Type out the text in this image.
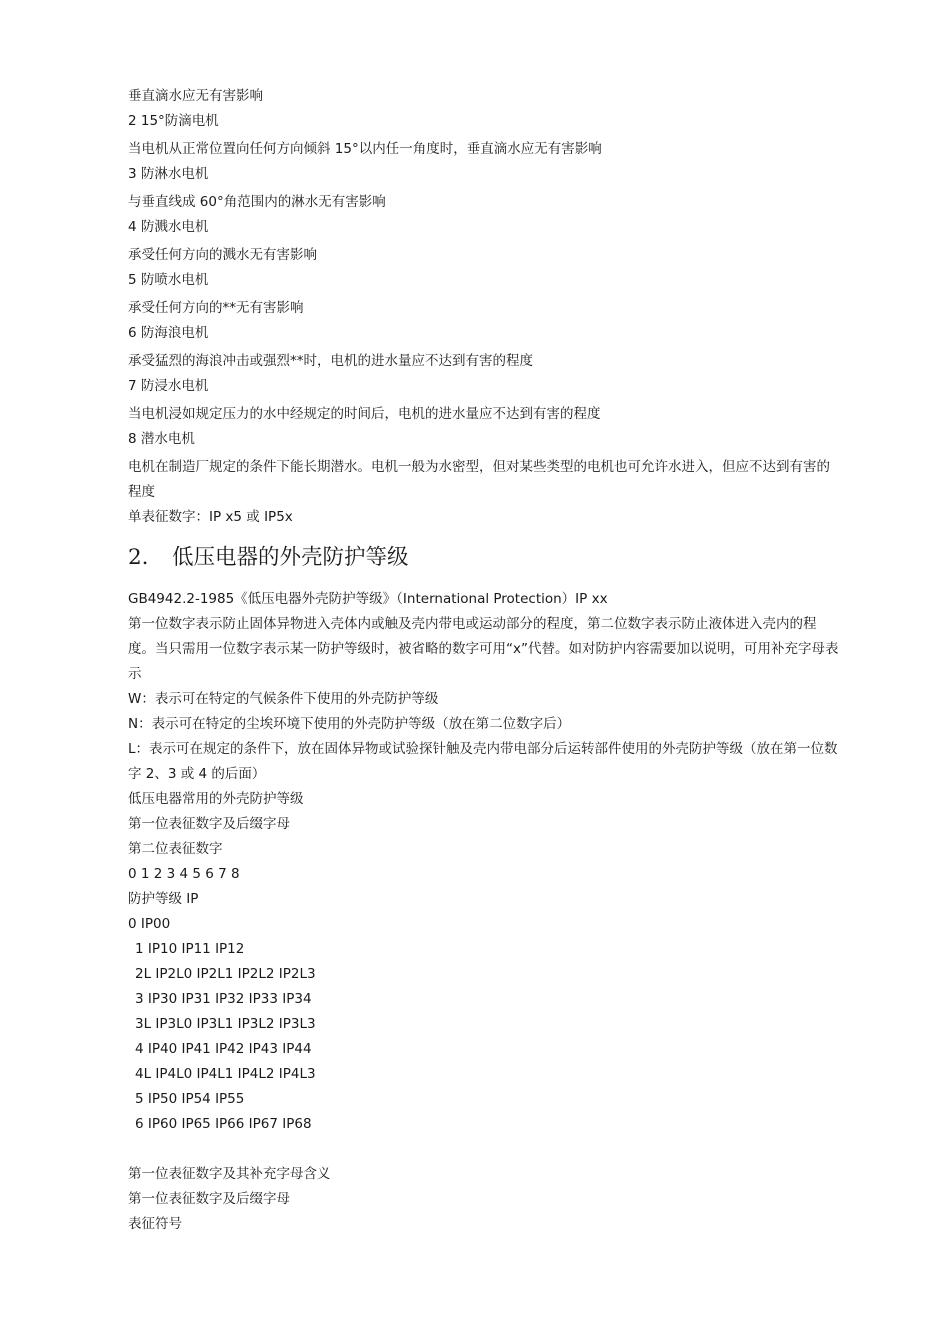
垂直滴水应无有害影响
2 15°防滴电机
当电机从正常位置向任何方向倾斜 15°以内任一角度时，垂直滴水应无有害影响
3 防淋水电机
与垂直线成 60°角范围内的淋水无有害影响
4 防溅水电机
承受任何方向的溅水无有害影响
5 防喷水电机
承受任何方向的**无有害影响
6 防海浪电机
承受猛烈的海浪冲击或强烈**时，电机的进水量应不达到有害的程度
7 防浸水电机
当电机浸如规定压力的水中经规定的时间后，电机的进水量应不达到有害的程度
8 潜水电机

电机在制造厂规定的条件下能长期潜水。电机一般为水密型，但对某些类型的电机也可允许水进入，但应不达到有害的程度

单表征数字：IP x5 或 IP5x
2. 低压电器的外壳防护等级
GB4942.2-1985《低压电器外壳防护等级》（International Protection）IP xx

第一位数字表示防止固体异物进入壳体内或触及壳内带电或运动部分的程度，第二位数字表示防止液体进入壳内的程度。当只需用一位数字表示某一防护等级时，被省略的数字可用“x”代替。如对防护内容需要加以说明，可用补充字母表示

W：表示可在特定的气候条件下使用的外壳防护等级
N：表示可在特定的尘埃环境下使用的外壳防护等级（放在第二位数字后）

L：表示可在规定的条件下，放在固体异物或试验探针触及壳内带电部分后运转部件使用的外壳防护等级（放在第一位数字 2、3 或 4 的后面）

低压电器常用的外壳防护等级
第一位表征数字及后缀字母
第二位表征数字
0 1 2 3 4 5 6 7 8
防护等级 IP
0 IP00
1 IP10 IP11 IP12
2L IP2L0 IP2L1 IP2L2 IP2L3
3 IP30 IP31 IP32 IP33 IP34
3L IP3L0 IP3L1 IP3L2 IP3L3
4 IP40 IP41 IP42 IP43 IP44
4L IP4L0 IP4L1 IP4L2 IP4L3
5 IP50 IP54 IP55
6 IP60 IP65 IP66 IP67 IP68
第一位表征数字及其补充字母含义
第一位表征数字及后缀字母
表征符号
